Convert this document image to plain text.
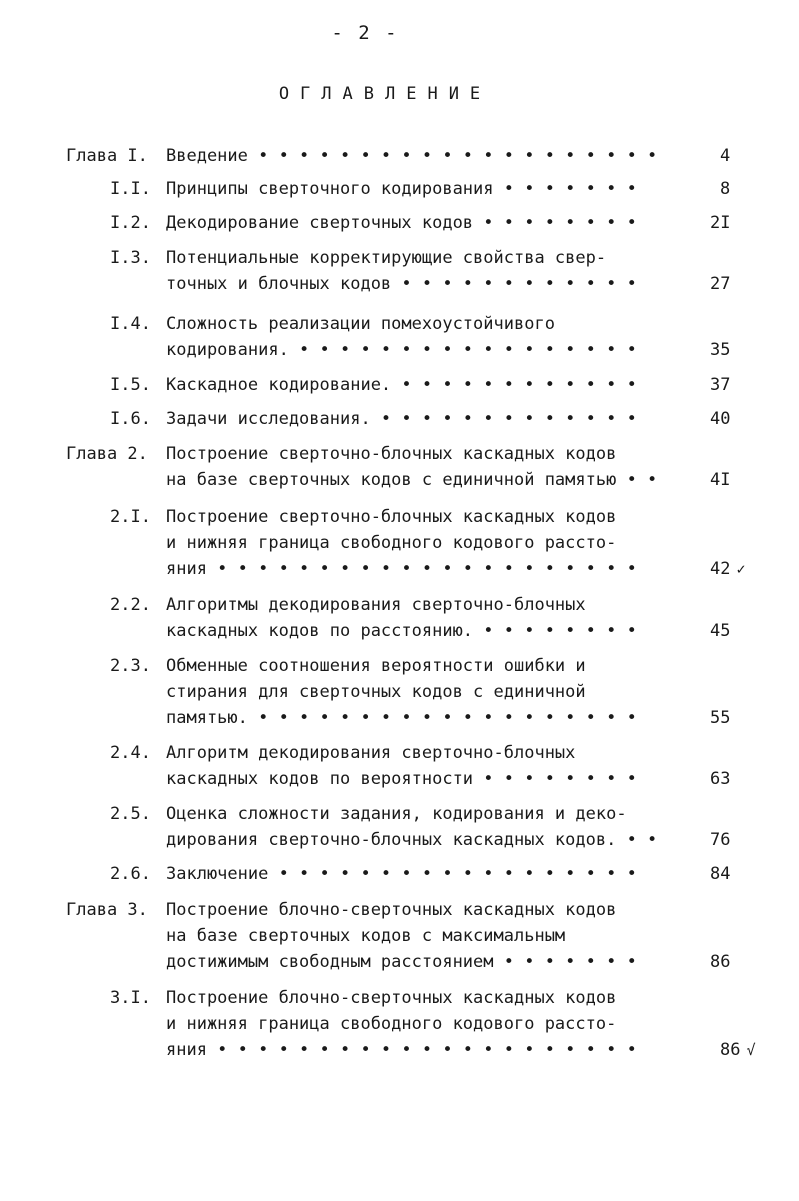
- 2 -
ОГЛАВЛЕНИЕ
Глава I. Введение • • • • • • • • • • • • • • • • • • • •	4
I.I. Принципы сверточного кодирования • • • • • • •	8
I.2. Декодирование сверточных кодов • • • • • • • •	2I
I.3. Потенциальные корректирующие свойства свер-
точных и блочных кодов • • • • • • • • • • • •	27
I.4. Сложность реализации помехоустойчивого
кодирования. • • • • • • • • • • • • • • • • •	35
I.5. Каскадное кодирование. • • • • • • • • • • • •	37
I.6. Задачи исследования. • • • • • • • • • • • • •	40
Глава 2. Построение сверточно-блочных каскадных кодов
на базе сверточных кодов с единичной памятью • •	4I
2.I. Построение сверточно-блочных каскадных кодов
и нижняя граница свободного кодового рассто-
яния • • • • • • • • • • • • • • • • • • • • •	42 ✓
2.2. Алгоритмы декодирования сверточно-блочных
каскадных кодов по расстоянию. • • • • • • • •	45
2.3. Обменные соотношения вероятности ошибки и
стирания для сверточных кодов с единичной
памятью. • • • • • • • • • • • • • • • • • • •	55
2.4. Алгоритм декодирования сверточно-блочных
каскадных кодов по вероятности • • • • • • • •	63
2.5. Оценка сложности задания, кодирования и деко-
дирования сверточно-блочных каскадных кодов. • •	76
2.6. Заключение • • • • • • • • • • • • • • • • • •	84
Глава 3. Построение блочно-сверточных каскадных кодов
на базе сверточных кодов с максимальным
достижимым свободным расстоянием • • • • • • •	86
3.I. Построение блочно-сверточных каскадных кодов
и нижняя граница свободного кодового рассто-
яния • • • • • • • • • • • • • • • • • • • • •	86 √
